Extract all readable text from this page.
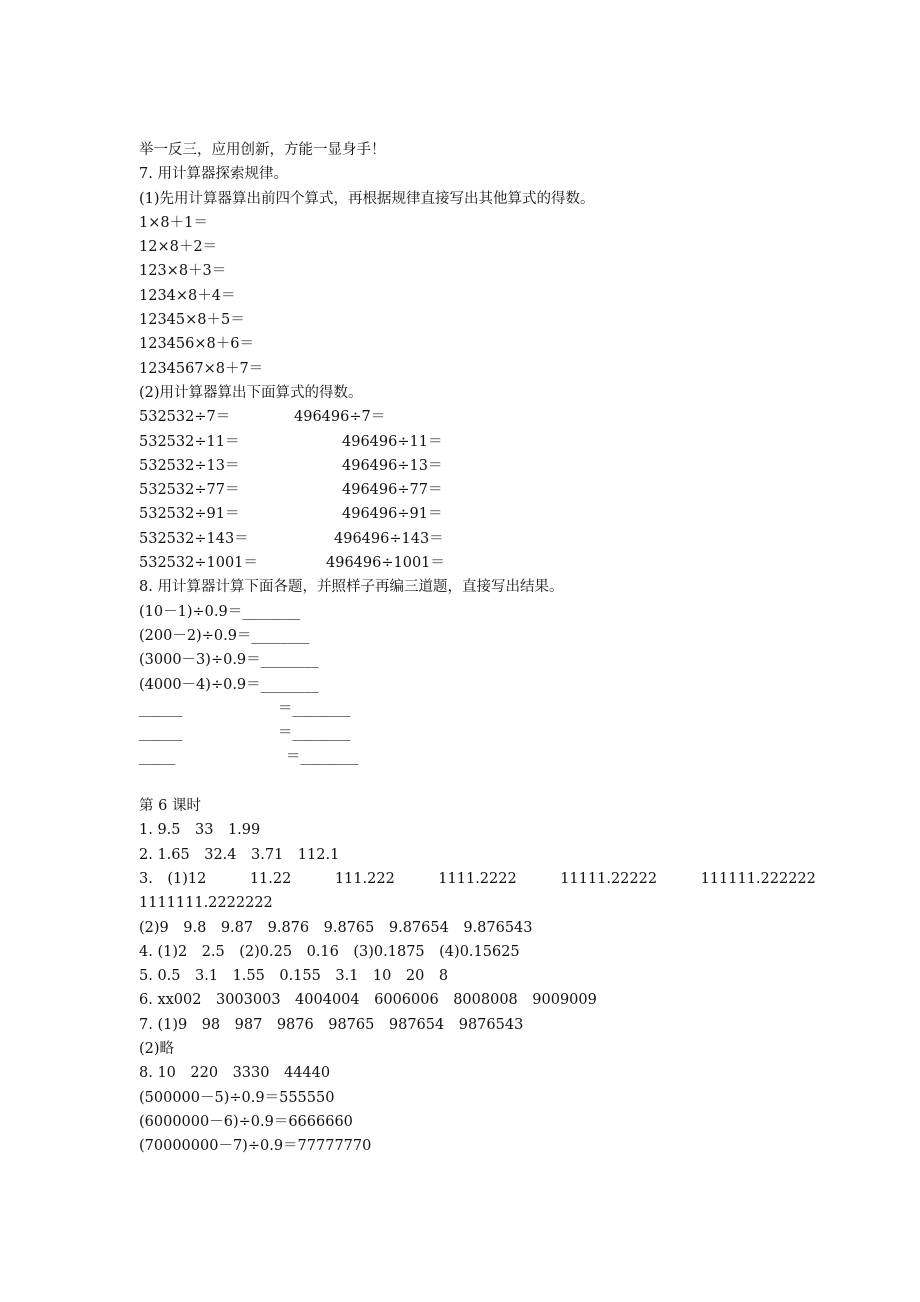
举一反三，应用创新，方能一显身手！
7. 用计算器探索规律。
(1)先用计算器算出前四个算式，再根据规律直接写出其他算式的得数。
1×8＋1＝
12×8＋2＝
123×8＋3＝
1234×8＋4＝
12345×8＋5＝
123456×8＋6＝
1234567×8＋7＝
(2)用计算器算出下面算式的得数。
532532÷7＝	496496÷7＝
532532÷11＝	496496÷11＝
532532÷13＝	496496÷13＝
532532÷77＝	496496÷77＝
532532÷91＝	496496÷91＝
532532÷143＝	496496÷143＝
532532÷1001＝	496496÷1001＝
8. 用计算器计算下面各题，并照样子再编三道题，直接写出结果。
(10－1)÷0.9＝________
(200－2)÷0.9＝________
(3000－3)÷0.9＝________
(4000－4)÷0.9＝________
______	＝________
______	＝________
_____	＝________
第 6 课时
1. 9.5　33　1.99
2. 1.65　32.4　3.71　112.1
3.　(1)12　　　11.22　　　111.222　　　1111.2222　　　11111.22222　　　111111.222222
1111111.2222222
(2)9　9.8　9.87　9.876　9.8765　9.87654　9.876543
4. (1)2　2.5　(2)0.25　0.16　(3)0.1875　(4)0.15625
5. 0.5　3.1　1.55　0.155　3.1　10　20　8
6. xx002　3003003　4004004　6006006　8008008　9009009
7. (1)9　98　987　9876　98765　987654　9876543
(2)略
8. 10　220　3330　44440
(500000－5)÷0.9＝555550
(6000000－6)÷0.9＝6666660
(70000000－7)÷0.9＝77777770
